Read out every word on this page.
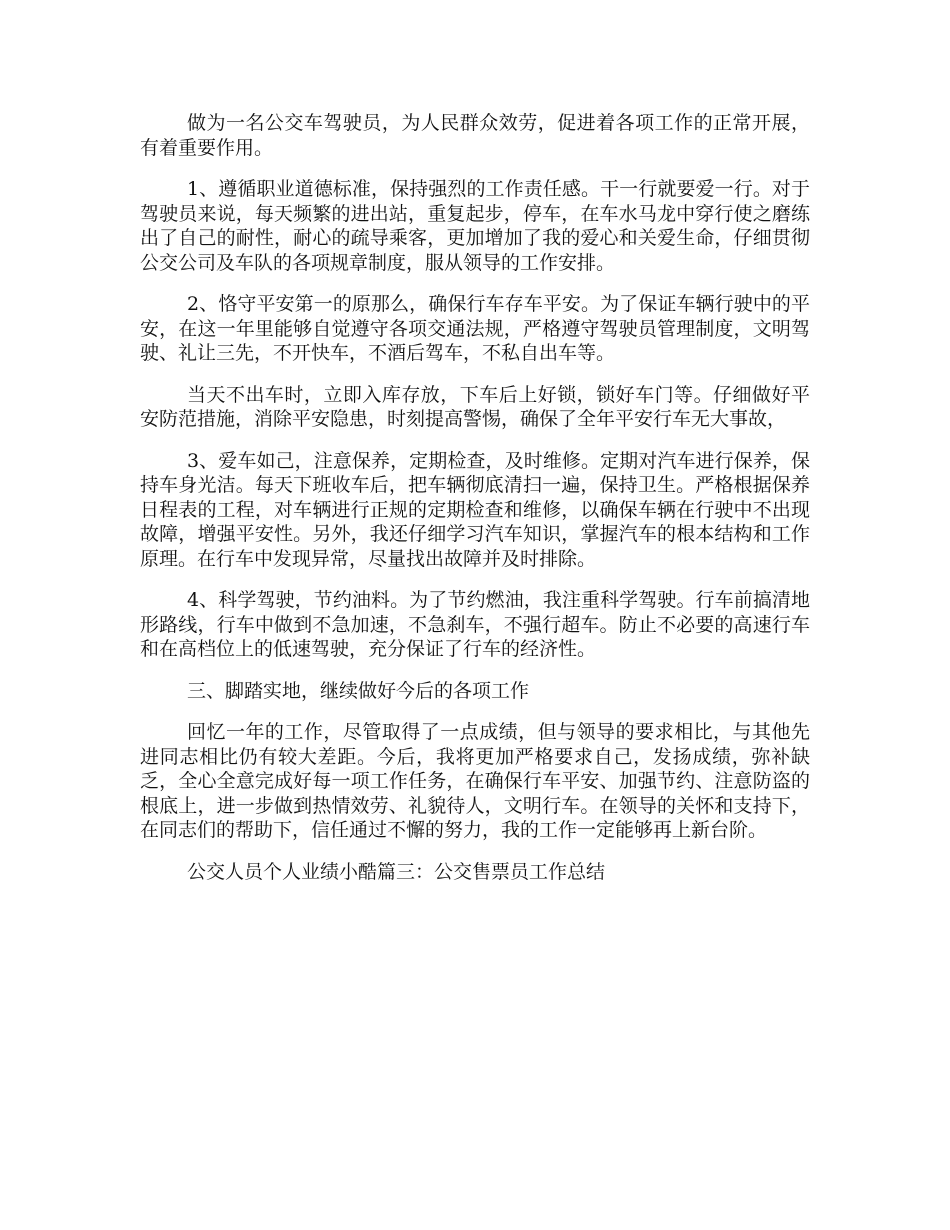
做为一名公交车驾驶员，为人民群众效劳，促进着各项工作的正常开展，有着重要作用。

1、遵循职业道德标准，保持强烈的工作责任感。干一行就要爱一行。对于驾驶员来说，每天频繁的进出站，重复起步，停车，在车水马龙中穿行使之磨练出了自己的耐性，耐心的疏导乘客，更加增加了我的爱心和关爱生命，仔细贯彻公交公司及车队的各项规章制度，服从领导的工作安排。

2、恪守平安第一的原那么，确保行车存车平安。为了保证车辆行驶中的平安，在这一年里能够自觉遵守各项交通法规，严格遵守驾驶员管理制度，文明驾驶、礼让三先，不开快车，不酒后驾车，不私自出车等。

当天不出车时，立即入库存放，下车后上好锁，锁好车门等。仔细做好平安防范措施，消除平安隐患，时刻提高警惕，确保了全年平安行车无大事故，

3、爱车如己，注意保养，定期检查，及时维修。定期对汽车进行保养，保持车身光洁。每天下班收车后，把车辆彻底清扫一遍，保持卫生。严格根据保养日程表的工程，对车辆进行正规的定期检查和维修，以确保车辆在行驶中不出现故障，增强平安性。另外，我还仔细学习汽车知识，掌握汽车的根本结构和工作原理。在行车中发现异常，尽量找出故障并及时排除。

4、科学驾驶，节约油料。为了节约燃油，我注重科学驾驶。行车前搞清地形路线，行车中做到不急加速，不急刹车，不强行超车。防止不必要的高速行车和在高档位上的低速驾驶，充分保证了行车的经济性。

三、脚踏实地，继续做好今后的各项工作

回忆一年的工作，尽管取得了一点成绩，但与领导的要求相比，与其他先进同志相比仍有较大差距。今后，我将更加严格要求自己，发扬成绩，弥补缺乏，全心全意完成好每一项工作任务，在确保行车平安、加强节约、注意防盗的根底上，进一步做到热情效劳、礼貌待人，文明行车。在领导的关怀和支持下，在同志们的帮助下，信任通过不懈的努力，我的工作一定能够再上新台阶。

公交人员个人业绩小酷篇三：公交售票员工作总结
